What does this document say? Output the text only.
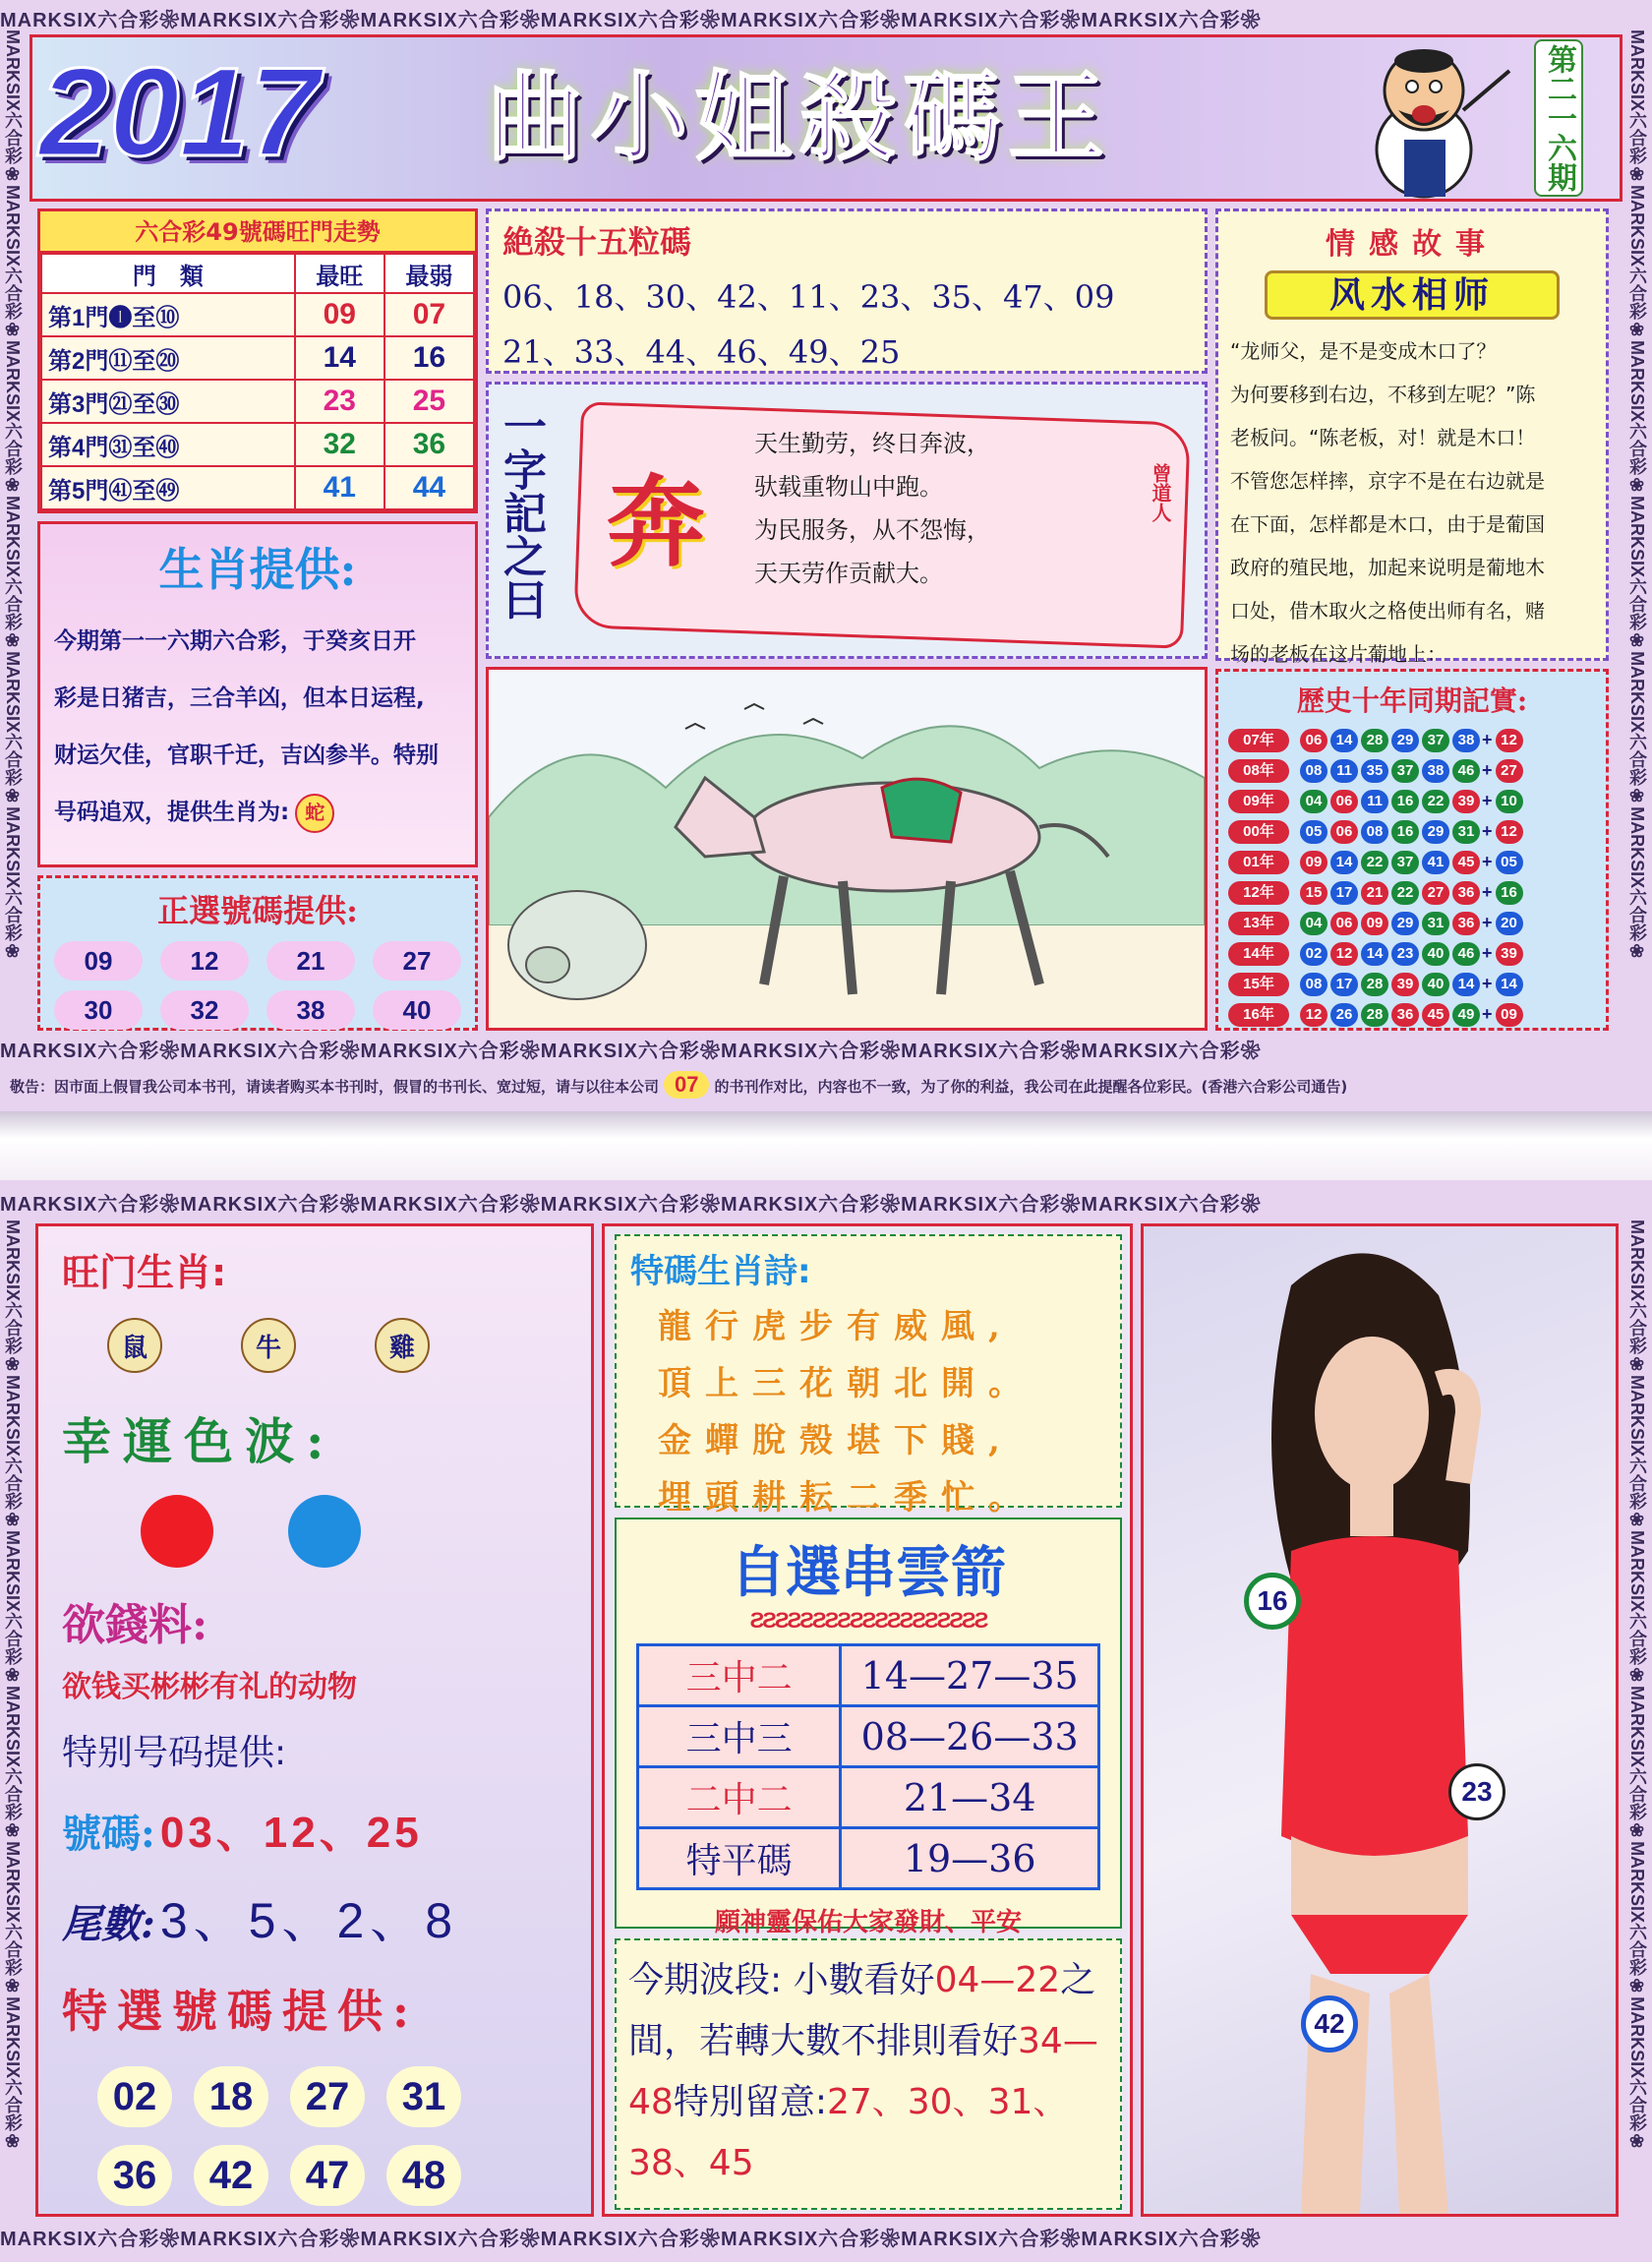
MARKSIX六合彩❀MARKSIX六合彩❀MARKSIX六合彩❀MARKSIX六合彩❀MARKSIX六合彩❀MARKSIX六合彩❀MARKSIX六合彩❀
MARKSIX六合彩❀MARKSIX六合彩❀MARKSIX六合彩❀MARKSIX六合彩❀MARKSIX六合彩❀MARKSIX六合彩❀
MARKSIX六合彩❀MARKSIX六合彩❀MARKSIX六合彩❀MARKSIX六合彩❀MARKSIX六合彩❀MARKSIX六合彩❀
2017	曲小姐殺碼王	第二一六期
六合彩49號碼旺門走勢
門　類	最旺	最弱
第1門❶至⑩	09	07
第2門⑪至⑳	14	16
第3門㉑至㉚	23	25
第4門㉛至㊵	32	36
第5門㊶至㊾	41	44
生肖提供:
今期第一一六期六合彩，于癸亥日开
彩是日猪吉，三合羊凶，但本日运程,
财运欠佳，官职千迁，吉凶参半。特别
号码追双，提供生肖为: 蛇
正選號碼提供:
09	12	21	27
30	32	38	40
絶殺十五粒碼
06、18、30、42、11、23、35、47、09
21、33、44、46、49、25
一字記之曰 奔
天生勤劳，终日奔波，
驮载重物山中跑。
为民服务，从不怨悔，
天天劳作贡献大。
曾道人
情感故事
风水相师
“龙师父，是不是变成木口了？
为何要移到右边，不移到左呢？”陈
老板问。“陈老板，对！就是木口！
不管您怎样摔，京字不是在右边就是
在下面，怎样都是木口，由于是葡国
政府的殖民地，加起来说明是葡地木
口处，借木取火之格使出师有名，赌
场的老板在这片葡地上：
歷史十年同期記實:
07年	06 14 28 29 37 38 + 12
08年	08 11 35 37 38 46 + 27
09年	04 06 11 16 22 39 + 10
00年	05 06 08 16 29 31 + 12
01年	09 14 22 37 41 45 + 05
12年	15 17 21 22 27 36 + 16
13年	04 06 09 29 31 36 + 20
14年	02 12 14 23 40 46 + 39
15年	08 17 28 39 40 14 + 14
16年	12 26 28 36 45 49 + 09
MARKSIX六合彩❀MARKSIX六合彩❀MARKSIX六合彩❀MARKSIX六合彩❀MARKSIX六合彩❀MARKSIX六合彩❀MARKSIX六合彩❀
敬告：因市面上假冒我公司本书刊，请读者购买本书刊时，假冒的书刊长、宽过短，请与以往本公司 07 的书刊作对比，内容也不一致，为了你的利益，我公司在此提醒各位彩民。(香港六合彩公司通告)
MARKSIX六合彩❀MARKSIX六合彩❀MARKSIX六合彩❀MARKSIX六合彩❀MARKSIX六合彩❀MARKSIX六合彩❀MARKSIX六合彩❀
MARKSIX六合彩❀MARKSIX六合彩❀MARKSIX六合彩❀MARKSIX六合彩❀MARKSIX六合彩❀MARKSIX六合彩❀
MARKSIX六合彩❀MARKSIX六合彩❀MARKSIX六合彩❀MARKSIX六合彩❀MARKSIX六合彩❀MARKSIX六合彩❀
旺门生肖:
鼠	牛	雞
幸運色波:
欲錢料:
欲钱买彬彬有礼的动物
特别号码提供:
號碼: 03、12、25
尾數: 3、5、2、8
特選號碼提供:
02	18	27	31
36	42	47	48
特碼生肖詩:
龍行虎步有威風,
頂上三花朝北開。
金蟬脫殼堪下賤,
埋頭耕耘二季忙。
自選串雲箭
ƧƧƧƧƧƧƧƧƧƧƧƧƧƧƧƧƧƧƧ
三中二	14—27—35
三中三	08—26—33
二中二	21—34
特平碼	19—36
願神靈保佑大家發財、平安
今期波段: 小數看好04—22之間，若轉大數不排則看好34—48特別留意:27、30、31、38、45
16
23
42
MARKSIX六合彩❀MARKSIX六合彩❀MARKSIX六合彩❀MARKSIX六合彩❀MARKSIX六合彩❀MARKSIX六合彩❀MARKSIX六合彩❀
